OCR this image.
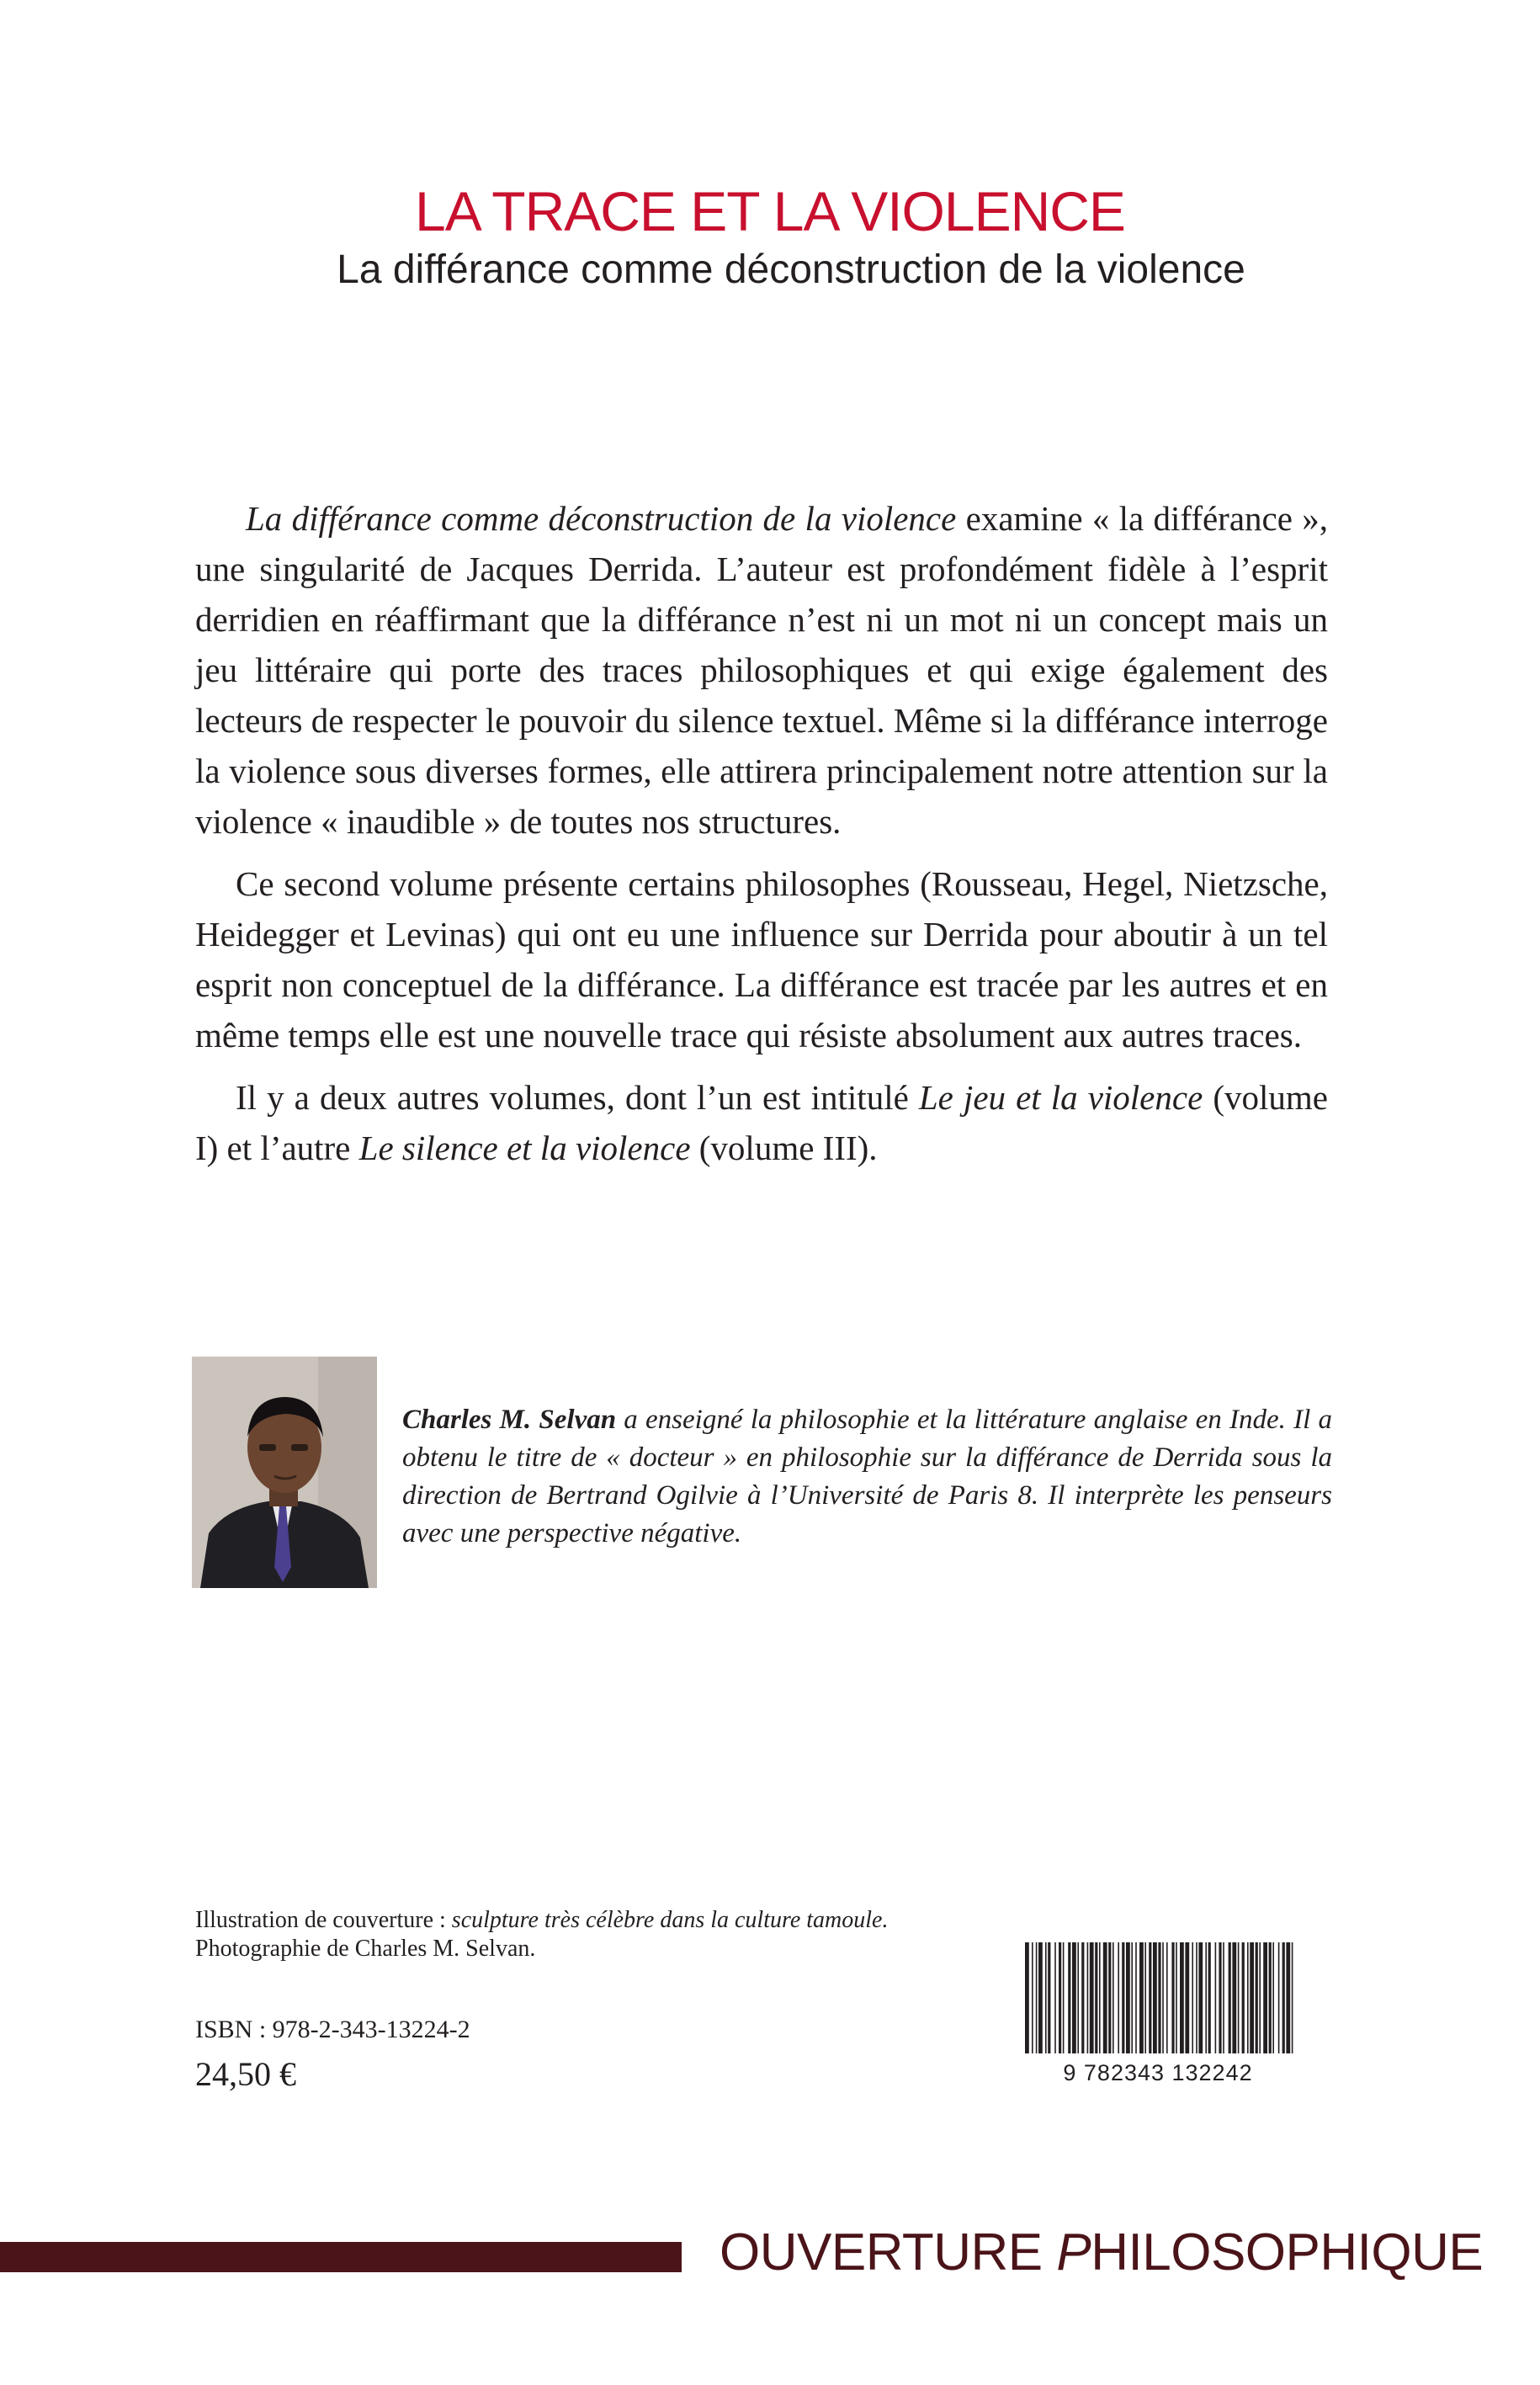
LA TRACE ET LA VIOLENCE
La différance comme déconstruction de la violence

La différance comme déconstruction de la violence examine « la différance », une singularité de Jacques Derrida. L’auteur est profondément fidèle à l’esprit derridien en réaffirmant que la différance n’est ni un mot ni un concept mais un jeu littéraire qui porte des traces philosophiques et qui exige également des lecteurs de respecter le pouvoir du silence textuel. Même si la différance interroge la violence sous diverses formes, elle attirera principalement notre attention sur la violence « inaudible » de toutes nos structures.

Ce second volume présente certains philosophes (Rousseau, Hegel, Nietzsche, Heidegger et Levinas) qui ont eu une influence sur Derrida pour aboutir à un tel esprit non conceptuel de la différance. La différance est tracée par les autres et en même temps elle est une nouvelle trace qui résiste absolument aux autres traces.

Il y a deux autres volumes, dont l’un est intitulé Le jeu et la violence (volume I) et l’autre Le silence et la violence (volume III).

Charles M. Selvan a enseigné la philosophie et la littérature anglaise en Inde. Il a obtenu le titre de « docteur » en philosophie sur la différance de Derrida sous la direction de Bertrand Ogilvie à l’Université de Paris 8. Il interprète les penseurs avec une perspective négative.
Illustration de couverture : sculpture très célèbre dans la culture tamoule.
Photographie de Charles M. Selvan.
ISBN : 978-2-343-13224-2
24,50 €	9 782343 132242
OUVERTURE PHILOSOPHIQUE
